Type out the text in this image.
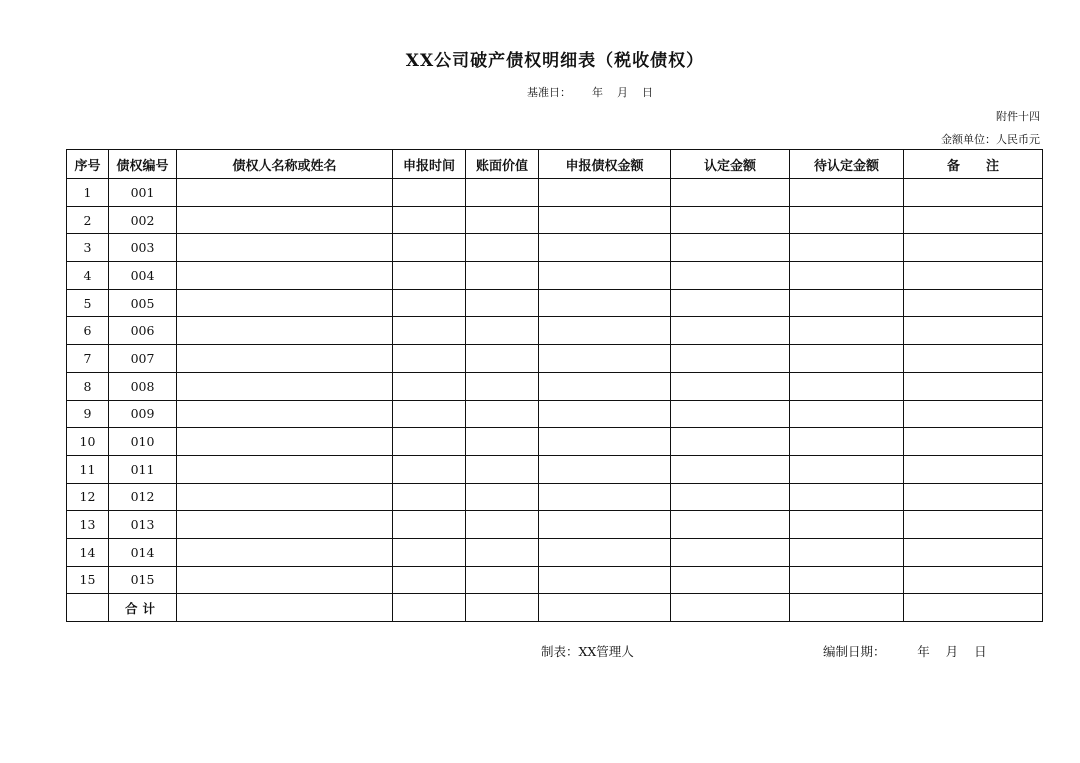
XX公司破产债权明细表（税收债权）
基准日：      年    月    日
附件十四
金额单位：人民币元
序号	债权编号	债权人名称或姓名	申报时间	账面价值	申报债权金额	认定金额	待认定金额	备　　注
1	001							
2	002							
3	003							
4	004							
5	005							
6	006							
7	007							
8	008							
9	009							
10	010							
11	011							
12	012							
13	013							
14	014							
15	015							
	合计							
制表：XX管理人	编制日期：        年    月    日
